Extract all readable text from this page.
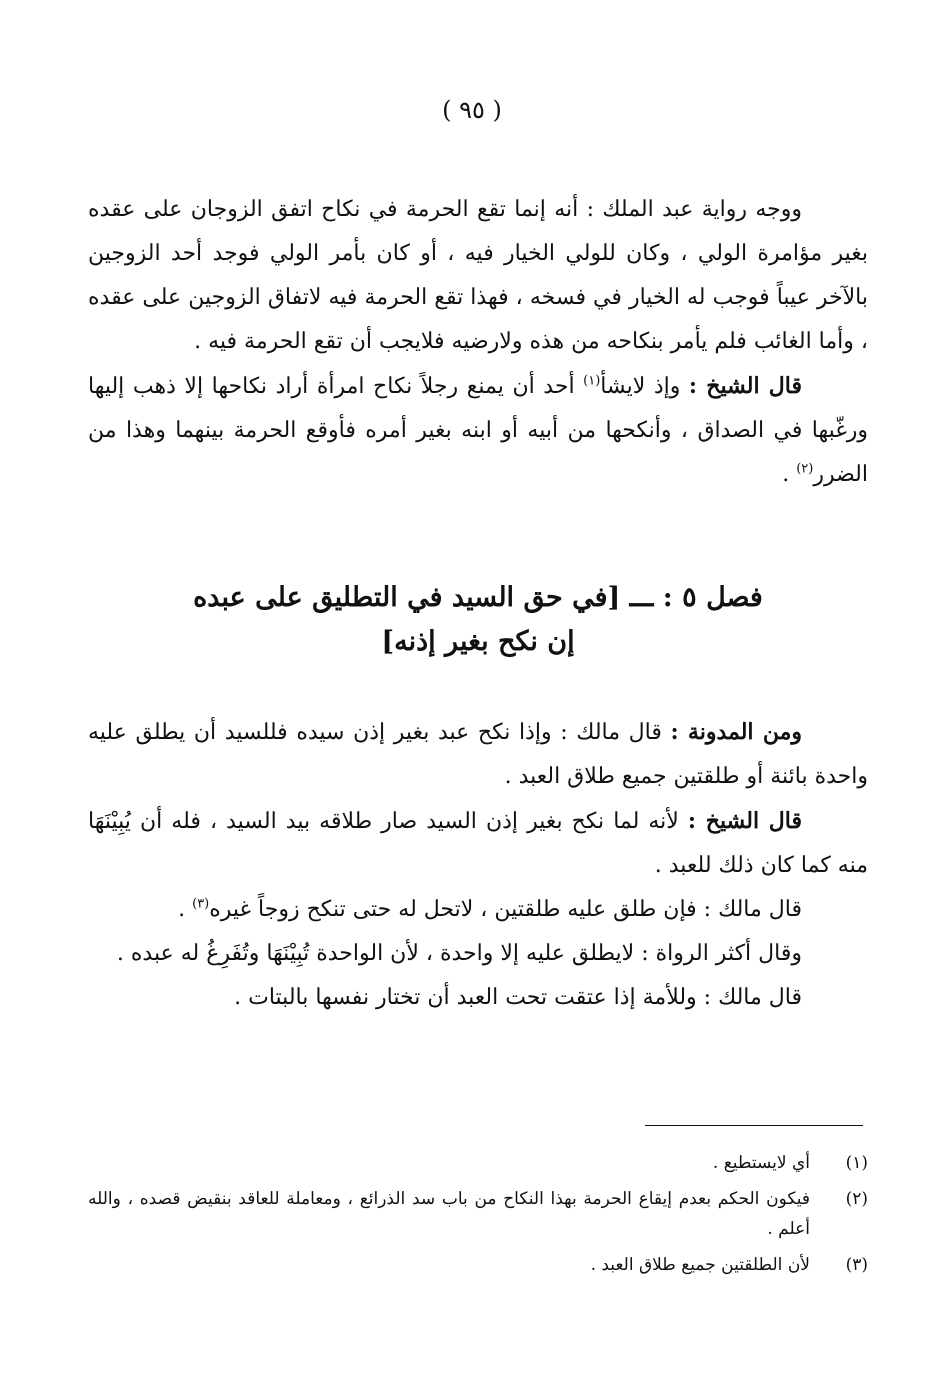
( ٩٥ )

ووجه رواية عبد الملك : أنه إنما تقع الحرمة في نكاح اتفق الزوجان على عقده بغير مؤامرة الولي ، وكان للولي الخيار فيه ، أو كان بأمر الولي فوجد أحد الزوجين بالآخر عيباً فوجب له الخيار في فسخه ، فهذا تقع الحرمة فيه لاتفاق الزوجين على عقده ، وأما الغائب فلم يأمر بنكاحه من هذه ولارضيه فلايجب أن تقع الحرمة فيه .

قال الشيخ : وإذ لايشأ$^{(١)}$ أحد أن يمنع رجلاً نكاح امرأة أراد نكاحها إلا ذهب إليها ورغّبها في الصداق ، وأنكحها من أبيه أو ابنه بغير أمره فأوقع الحرمة بينهما وهذا من الضرر$^{(٢)}$ .

فصل ٥ : ـــ [في حق السيد في التطليق على عبده
إن نكح بغير إذنه]

ومن المدونة : قال مالك : وإذا نكح عبد بغير إذن سيده فللسيد أن يطلق عليه واحدة بائنة أو طلقتين جميع طلاق العبد .

قال الشيخ : لأنه لما نكح بغير إذن السيد صار طلاقه بيد السيد ، فله أن يُبِيْنَهَا منه كما كان ذلك للعبد .

قال مالك : فإن طلق عليه طلقتين ، لاتحل له حتى تنكح زوجاً غيره$^{(٣)}$ .

وقال أكثر الرواة : لايطلق عليه إلا واحدة ، لأن الواحدة تُبِيْنَهَا وتُفَرِغُ له عبده .

قال مالك : وللأمة إذا عتقت تحت العبد أن تختار نفسها بالبتات .

(١)
أي لايستطيع .
(٢)
فيكون الحكم بعدم إيقاع الحرمة بهذا النكاح من باب سد الذرائع ، ومعاملة للعاقد بنقيض قصده ، والله أعلم .
(٣)
لأن الطلقتين جميع طلاق العبد .
